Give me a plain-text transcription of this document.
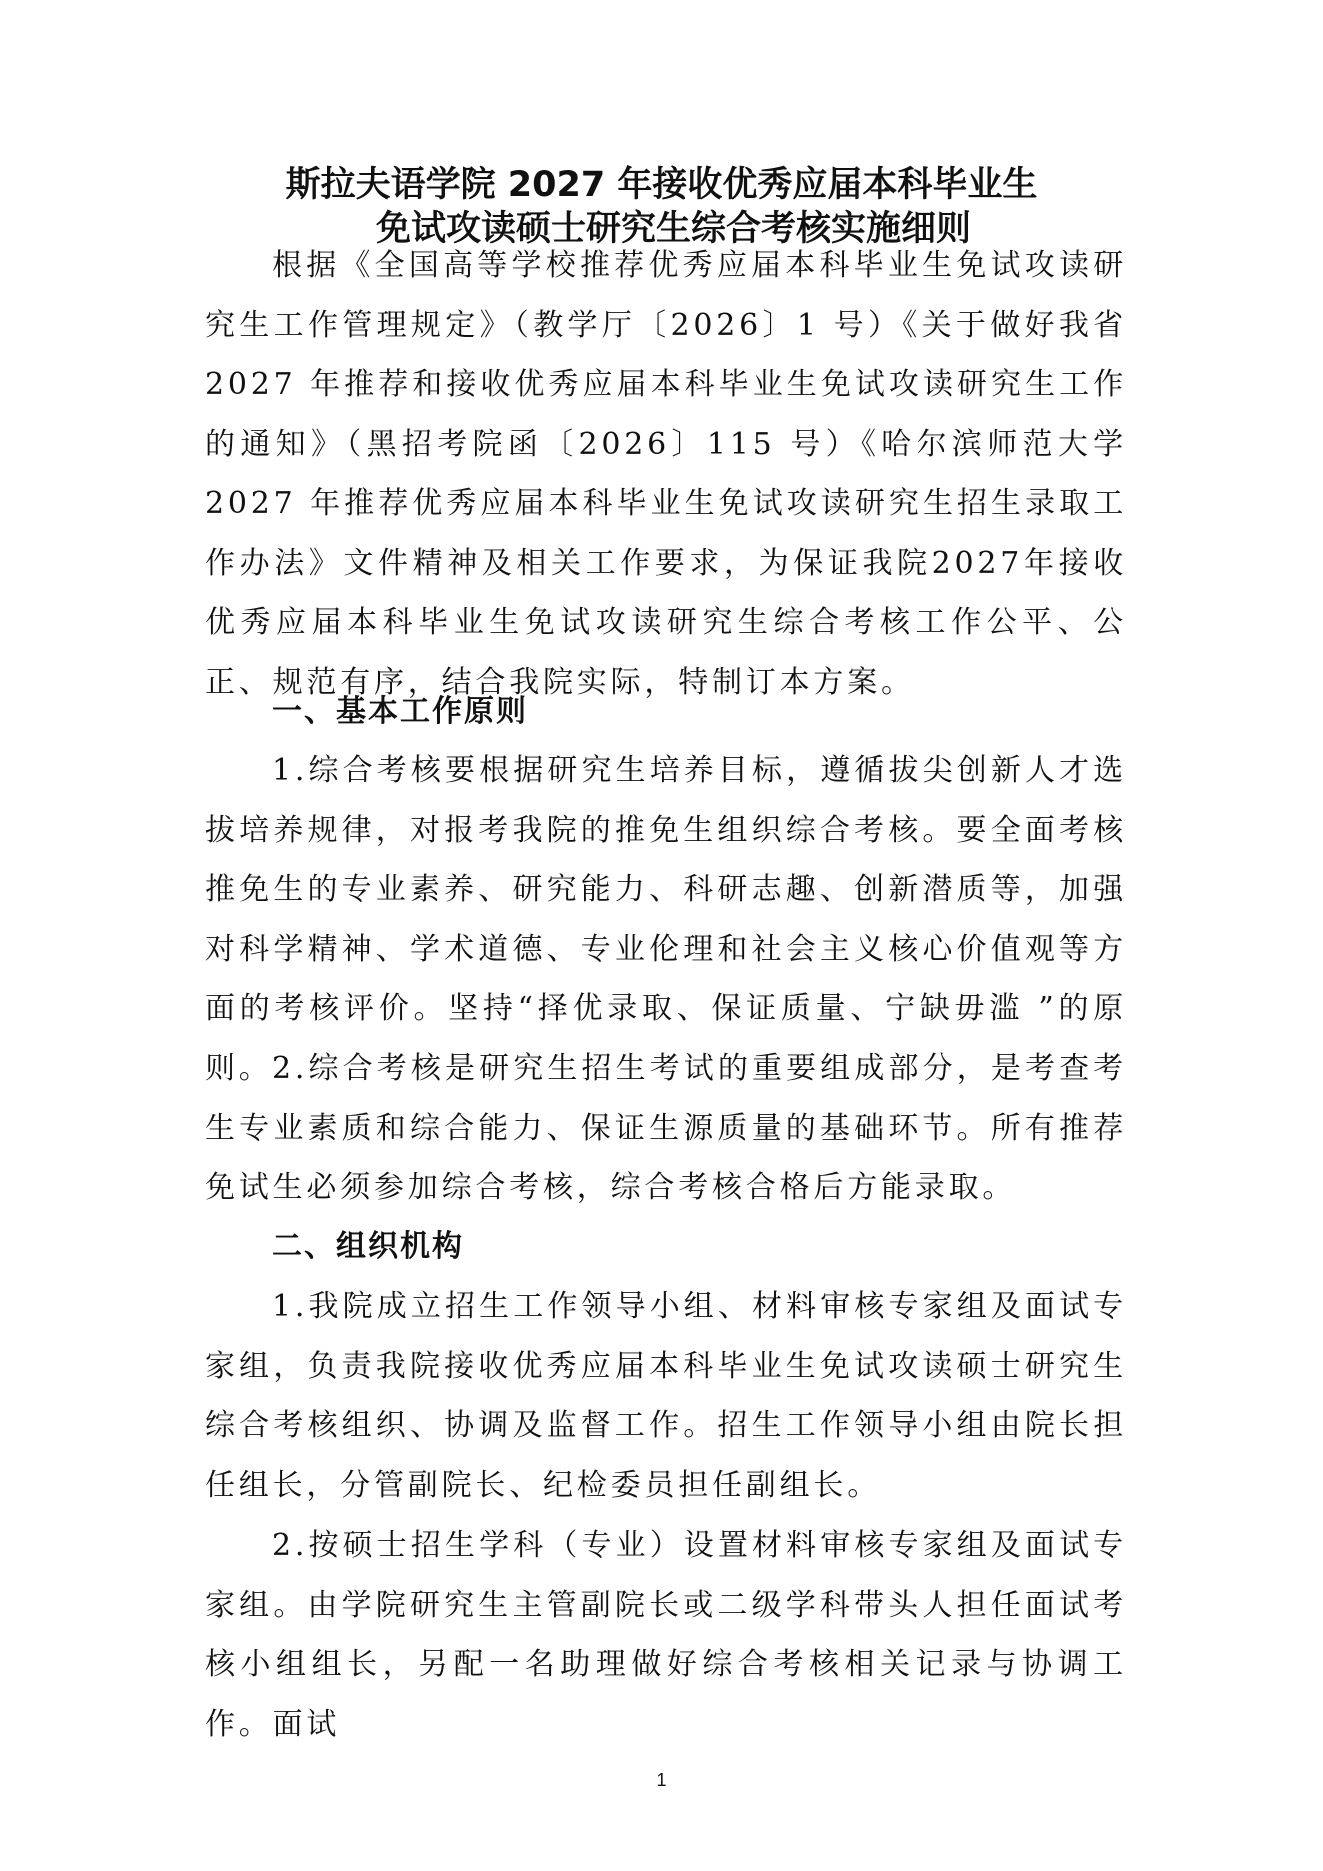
斯拉夫语学院 2027 年接收优秀应届本科毕业生
免试攻读硕士研究生综合考核实施细则

根据《全国高等学校推荐优秀应届本科毕业生免试攻读研究生工作管理规定》（教学厅〔2026〕1 号）《关于做好我省 2027 年推荐和接收优秀应届本科毕业生免试攻读研究生工作的通知》（黑招考院函〔2026〕115 号）《哈尔滨师范大学2027 年推荐优秀应届本科毕业生免试攻读研究生招生录取工作办法》文件精神及相关工作要求，为保证我院2027年接收优秀应届本科毕业生免试攻读研究生综合考核工作公平、公正、规范有序，结合我院实际，特制订本方案。

一、基本工作原则

1.综合考核要根据研究生培养目标，遵循拔尖创新人才选拔培养规律，对报考我院的推免生组织综合考核。要全面考核推免生的专业素养、研究能力、科研志趣、创新潜质等，加强对科学精神、学术道德、专业伦理和社会主义核心价值观等方面的考核评价。坚持“择优录取、保证质量、宁缺毋滥 ”的原则。 2.综合考核是研究生招生考试的重要组成部分，是考查考生专业素质和综合能力、保证生源质量的基础环节。所有推荐免试生必须参加综合考核，综合考核合格后方能录取。

二、组织机构

1.我院成立招生工作领导小组、材料审核专家组及面试专家组，负责我院接收优秀应届本科毕业生免试攻读硕士研究生综合考核组织、协调及监督工作。招生工作领导小组由院长担任组长，分管副院长、纪检委员担任副组长。

2.按硕士招生学科（专业）设置材料审核专家组及面试专家组。由学院研究生主管副院长或二级学科带头人担任面试考核小组组长，另配一名助理做好综合考核相关记录与协调工作。面试

1
